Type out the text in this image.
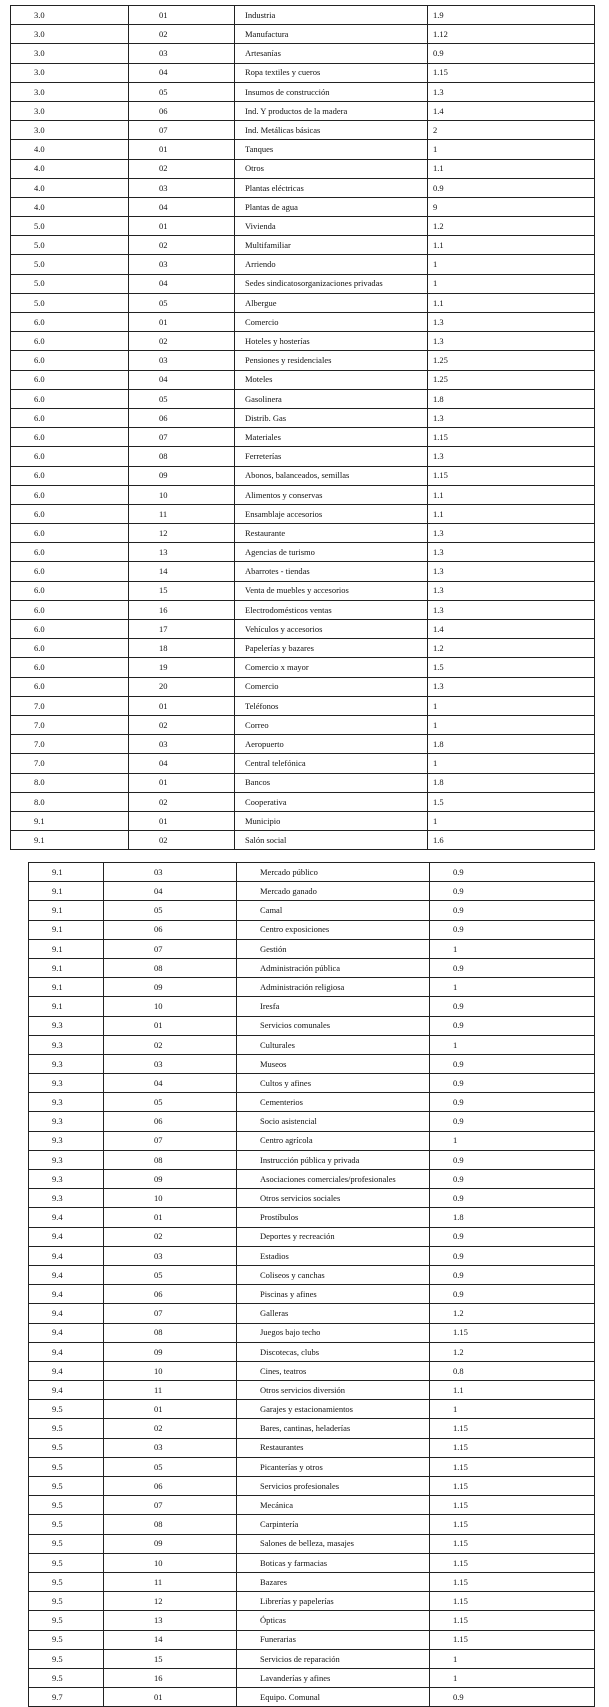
3.0	01	Industria	1.9
3.0	02	Manufactura	1.12
3.0	03	Artesanías	0.9
3.0	04	Ropa textiles y cueros	1.15
3.0	05	Insumos de construcción	1.3
3.0	06	Ind. Y productos de la madera	1.4
3.0	07	Ind. Metálicas básicas	2
4.0	01	Tanques	1
4.0	02	Otros	1.1
4.0	03	Plantas eléctricas	0.9
4.0	04	Plantas de agua	9
5.0	01	Vivienda	1.2
5.0	02	Multifamiliar	1.1
5.0	03	Arriendo	1
5.0	04	Sedes sindicatosorganizaciones privadas	1
5.0	05	Albergue	1.1
6.0	01	Comercio	1.3
6.0	02	Hoteles y hosterías	1.3
6.0	03	Pensiones y residenciales	1.25
6.0	04	Moteles	1.25
6.0	05	Gasolinera	1.8
6.0	06	Distrib. Gas	1.3
6.0	07	Materiales	1.15
6.0	08	Ferreterías	1.3
6.0	09	Abonos, balanceados, semillas	1.15
6.0	10	Alimentos y conservas	1.1
6.0	11	Ensamblaje accesorios	1.1
6.0	12	Restaurante	1.3
6.0	13	Agencias de turismo	1.3
6.0	14	Abarrotes - tiendas	1.3
6.0	15	Venta de muebles y accesorios	1.3
6.0	16	Electrodomésticos ventas	1.3
6.0	17	Vehículos y accesorios	1.4
6.0	18	Papelerías y bazares	1.2
6.0	19	Comercio x mayor	1.5
6.0	20	Comercio	1.3
7.0	01	Teléfonos	1
7.0	02	Correo	1
7.0	03	Aeropuerto	1.8
7.0	04	Central telefónica	1
8.0	01	Bancos	1.8
8.0	02	Cooperativa	1.5
9.1	01	Municipio	1
9.1	02	Salón social	1.6
9.1	03	Mercado público	0.9
9.1	04	Mercado ganado	0.9
9.1	05	Camal	0.9
9.1	06	Centro exposiciones	0.9
9.1	07	Gestión	1
9.1	08	Administración pública	0.9
9.1	09	Administración religiosa	1
9.1	10	Iresfa	0.9
9.3	01	Servicios comunales	0.9
9.3	02	Culturales	1
9.3	03	Museos	0.9
9.3	04	Cultos y afines	0.9
9.3	05	Cementerios	0.9
9.3	06	Socio asistencial	0.9
9.3	07	Centro agrícola	1
9.3	08	Instrucción pública y privada	0.9
9.3	09	Asociaciones comerciales/profesionales	0.9
9.3	10	Otros servicios sociales	0.9
9.4	01	Prostíbulos	1.8
9.4	02	Deportes y recreación	0.9
9.4	03	Estadios	0.9
9.4	05	Coliseos y canchas	0.9
9.4	06	Piscinas y afines	0.9
9.4	07	Galleras	1.2
9.4	08	Juegos bajo techo	1.15
9.4	09	Discotecas, clubs	1.2
9.4	10	Cines, teatros	0.8
9.4	11	Otros servicios diversión	1.1
9.5	01	Garajes y estacionamientos	1
9.5	02	Bares, cantinas, heladerías	1.15
9.5	03	Restaurantes	1.15
9.5	05	Picanterías y otros	1.15
9.5	06	Servicios profesionales	1.15
9.5	07	Mecánica	1.15
9.5	08	Carpintería	1.15
9.5	09	Salones de belleza, masajes	1.15
9.5	10	Boticas y farmacias	1.15
9.5	11	Bazares	1.15
9.5	12	Librerías y papelerías	1.15
9.5	13	Ópticas	1.15
9.5	14	Funerarias	1.15
9.5	15	Servicios de reparación	1
9.5	16	Lavanderías y afines	1
9.7	01	Equipo. Comunal	0.9
